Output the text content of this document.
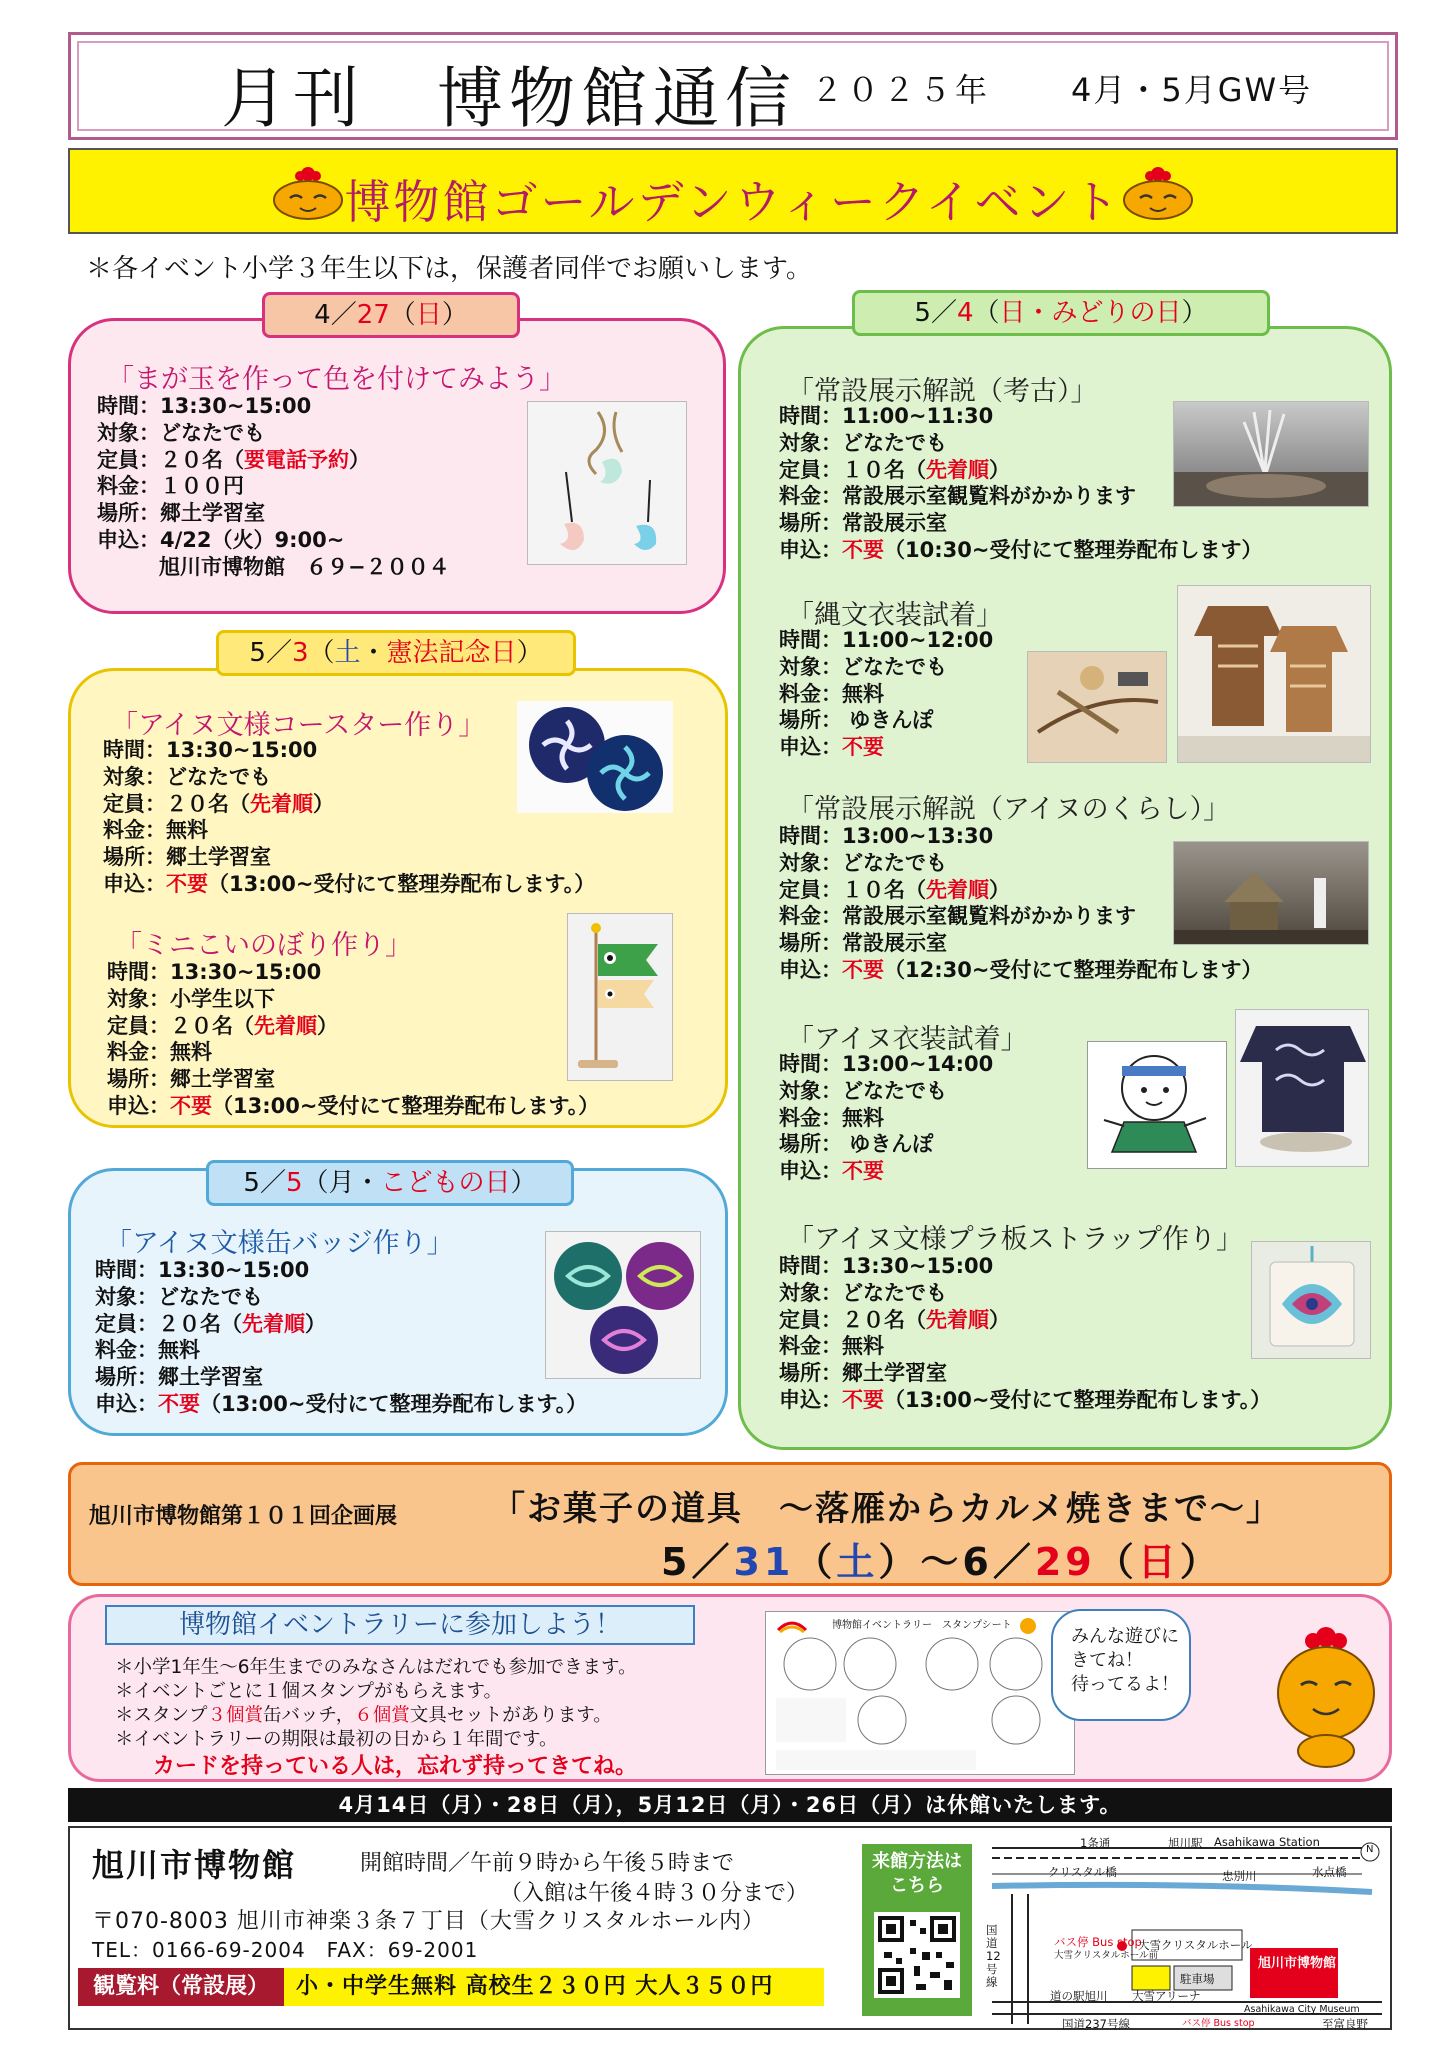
月刊　博物館通信 ２０２５年 4月・5月GW号
博物館ゴールデンウィークイベント
＊各イベント小学３年生以下は，保護者同伴でお願いします。
「まが玉を作って色を付けてみよう」
時間：13:30~15:00
対象：どなたでも
定員：２０名（要電話予約）
料金：１００円
場所：郷土学習室
申込：4/22（火）9:00~
旭川市博物館　６９−２００４
4／27（日）
「アイヌ文様コースター作り」
時間：13:30~15:00
対象：どなたでも
定員：２０名（先着順）
料金：無料
場所：郷土学習室
申込：不要（13:00~受付にて整理券配布します。）
「ミニこいのぼり作り」
時間：13:30~15:00
対象：小学生以下
定員：２０名（先着順）
料金：無料
場所：郷土学習室
申込：不要（13:00~受付にて整理券配布します。）
5／3（土・憲法記念日）
「アイヌ文様缶バッジ作り」
時間：13:30~15:00
対象：どなたでも
定員：２０名（先着順）
料金：無料
場所：郷土学習室
申込：不要（13:00~受付にて整理券配布します。）
5／5（月・こどもの日）
「常設展示解説（考古）」
時間：11:00~11:30
対象：どなたでも
定員：１０名（先着順）
料金：常設展示室観覧料がかかります
場所：常設展示室
申込：不要（10:30~受付にて整理券配布します）
「縄文衣装試着」
時間：11:00~12:00
対象：どなたでも
料金：無料
場所： ゆきんぽ
申込：不要
「常設展示解説（アイヌのくらし）」
時間：13:00~13:30
対象：どなたでも
定員：１０名（先着順）
料金：常設展示室観覧料がかかります
場所：常設展示室
申込：不要（12:30~受付にて整理券配布します）
「アイヌ衣装試着」
時間：13:00~14:00
対象：どなたでも
料金：無料
場所： ゆきんぽ
申込：不要
「アイヌ文様プラ板ストラップ作り」
時間：13:30~15:00
対象：どなたでも
定員：２０名（先着順）
料金：無料
場所：郷土学習室
申込：不要（13:00~受付にて整理券配布します。）
5／4（日・みどりの日）
旭川市博物館第１０１回企画展	「お菓子の道具　～落雁からカルメ焼きまで～」
5／31（土）～6／29（日）
博物館イベントラリーに参加しよう！
＊小学1年生～6年生までのみなさんはだれでも参加できます。
＊イベントごとに１個スタンプがもらえます。
＊スタンプ３個賞缶バッチ，６個賞文具セットがあります。
＊イベントラリーの期限は最初の日から１年間です。
カードを持っている人は，忘れず持ってきてね。
博物館イベントラリー　スタンプシート
みんな遊びに
きてね！
待ってるよ！
4月14日（月）・28日（月），5月12日（月）・26日（月）は休館いたします。
旭川市博物館	開館時間／午前９時から午後５時まで
（入館は午後４時３０分まで）
〒070-8003 旭川市神楽３条７丁目（大雪クリスタルホール内）
TEL：0166-69-2004　FAX：69-2001
観覧料（常設展）	小・中学生無料 高校生２３０円 大人３５０円
来館方法は こちら
1条通	旭川駅 Asahikawa Station
クリスタル橋	忠別川	水点橋
国道12号線
バス停 Bus stop
大雪クリスタルホール前
大雪クリスタルホール
駐車場
旭川市博物館
Asahikawa City Museum
道の駅旭川 大雪アリーナ
国道237号線	バス停 Bus stop	至富良野
N
